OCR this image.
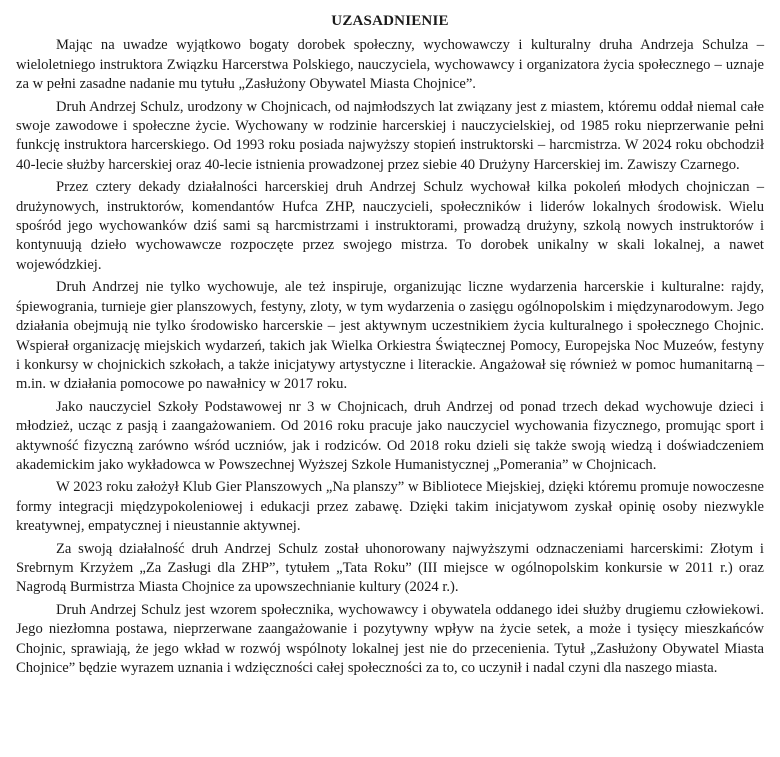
UZASADNIENIE

Mając na uwadze wyjątkowo bogaty dorobek społeczny, wychowawczy i kulturalny druha Andrzeja Schulza – wieloletniego instruktora Związku Harcerstwa Polskiego, nauczyciela, wychowawcy i organizatora życia społecznego – uznaje za w pełni zasadne nadanie mu tytułu „Zasłużony Obywatel Miasta Chojnice”.

Druh Andrzej Schulz, urodzony w Chojnicach, od najmłodszych lat związany jest z miastem, któremu oddał niemal całe swoje zawodowe i społeczne życie. Wychowany w rodzinie harcerskiej i nauczycielskiej, od 1985 roku nieprzerwanie pełni funkcję instruktora harcerskiego. Od 1993 roku posiada najwyższy stopień instruktorski – harcmistrza. W 2024 roku obchodził 40-lecie służby harcerskiej oraz 40-lecie istnienia prowadzonej przez siebie 40 Drużyny Harcerskiej im. Zawiszy Czarnego.

Przez cztery dekady działalności harcerskiej druh Andrzej Schulz wychował kilka pokoleń młodych chojniczan – drużynowych, instruktorów, komendantów Hufca ZHP, nauczycieli, społeczników i liderów lokalnych środowisk. Wielu spośród jego wychowanków dziś sami są harcmistrzami i instruktorami, prowadzą drużyny, szkolą nowych instruktorów i kontynuują dzieło wychowawcze rozpoczęte przez swojego mistrza. To dorobek unikalny w skali lokalnej, a nawet wojewódzkiej.

Druh Andrzej nie tylko wychowuje, ale też inspiruje, organizując liczne wydarzenia harcerskie i kulturalne: rajdy, śpiewogrania, turnieje gier planszowych, festyny, zloty, w tym wydarzenia o zasięgu ogólnopolskim i międzynarodowym. Jego działania obejmują nie tylko środowisko harcerskie – jest aktywnym uczestnikiem życia kulturalnego i społecznego Chojnic. Wspierał organizację miejskich wydarzeń, takich jak Wielka Orkiestra Świątecznej Pomocy, Europejska Noc Muzeów, festyny i konkursy w chojnickich szkołach, a także inicjatywy artystyczne i literackie. Angażował się również w pomoc humanitarną – m.in. w działania pomocowe po nawałnicy w 2017 roku.

Jako nauczyciel Szkoły Podstawowej nr 3 w Chojnicach, druh Andrzej od ponad trzech dekad wychowuje dzieci i młodzież, ucząc z pasją i zaangażowaniem. Od 2016 roku pracuje jako nauczyciel wychowania fizycznego, promując sport i aktywność fizyczną zarówno wśród uczniów, jak i rodziców. Od 2018 roku dzieli się także swoją wiedzą i doświadczeniem akademickim jako wykładowca w Powszechnej Wyższej Szkole Humanistycznej „Pomerania” w Chojnicach.

W 2023 roku założył Klub Gier Planszowych „Na planszy” w Bibliotece Miejskiej, dzięki któremu promuje nowoczesne formy integracji międzypokoleniowej i edukacji przez zabawę. Dzięki takim inicjatywom zyskał opinię osoby niezwykle kreatywnej, empatycznej i nieustannie aktywnej.

Za swoją działalność druh Andrzej Schulz został uhonorowany najwyższymi odznaczeniami harcerskimi: Złotym i Srebrnym Krzyżem „Za Zasługi dla ZHP”, tytułem „Tata Roku” (III miejsce w ogólnopolskim konkursie w 2011 r.) oraz Nagrodą Burmistrza Miasta Chojnice za upowszechnianie kultury (2024 r.).

Druh Andrzej Schulz jest wzorem społecznika, wychowawcy i obywatela oddanego idei służby drugiemu człowiekowi. Jego niezłomna postawa, nieprzerwane zaangażowanie i pozytywny wpływ na życie setek, a może i tysięcy mieszkańców Chojnic, sprawiają, że jego wkład w rozwój wspólnoty lokalnej jest nie do przecenienia. Tytuł „Zasłużony Obywatel Miasta Chojnice” będzie wyrazem uznania i wdzięczności całej społeczności za to, co uczynił i nadal czyni dla naszego miasta.
